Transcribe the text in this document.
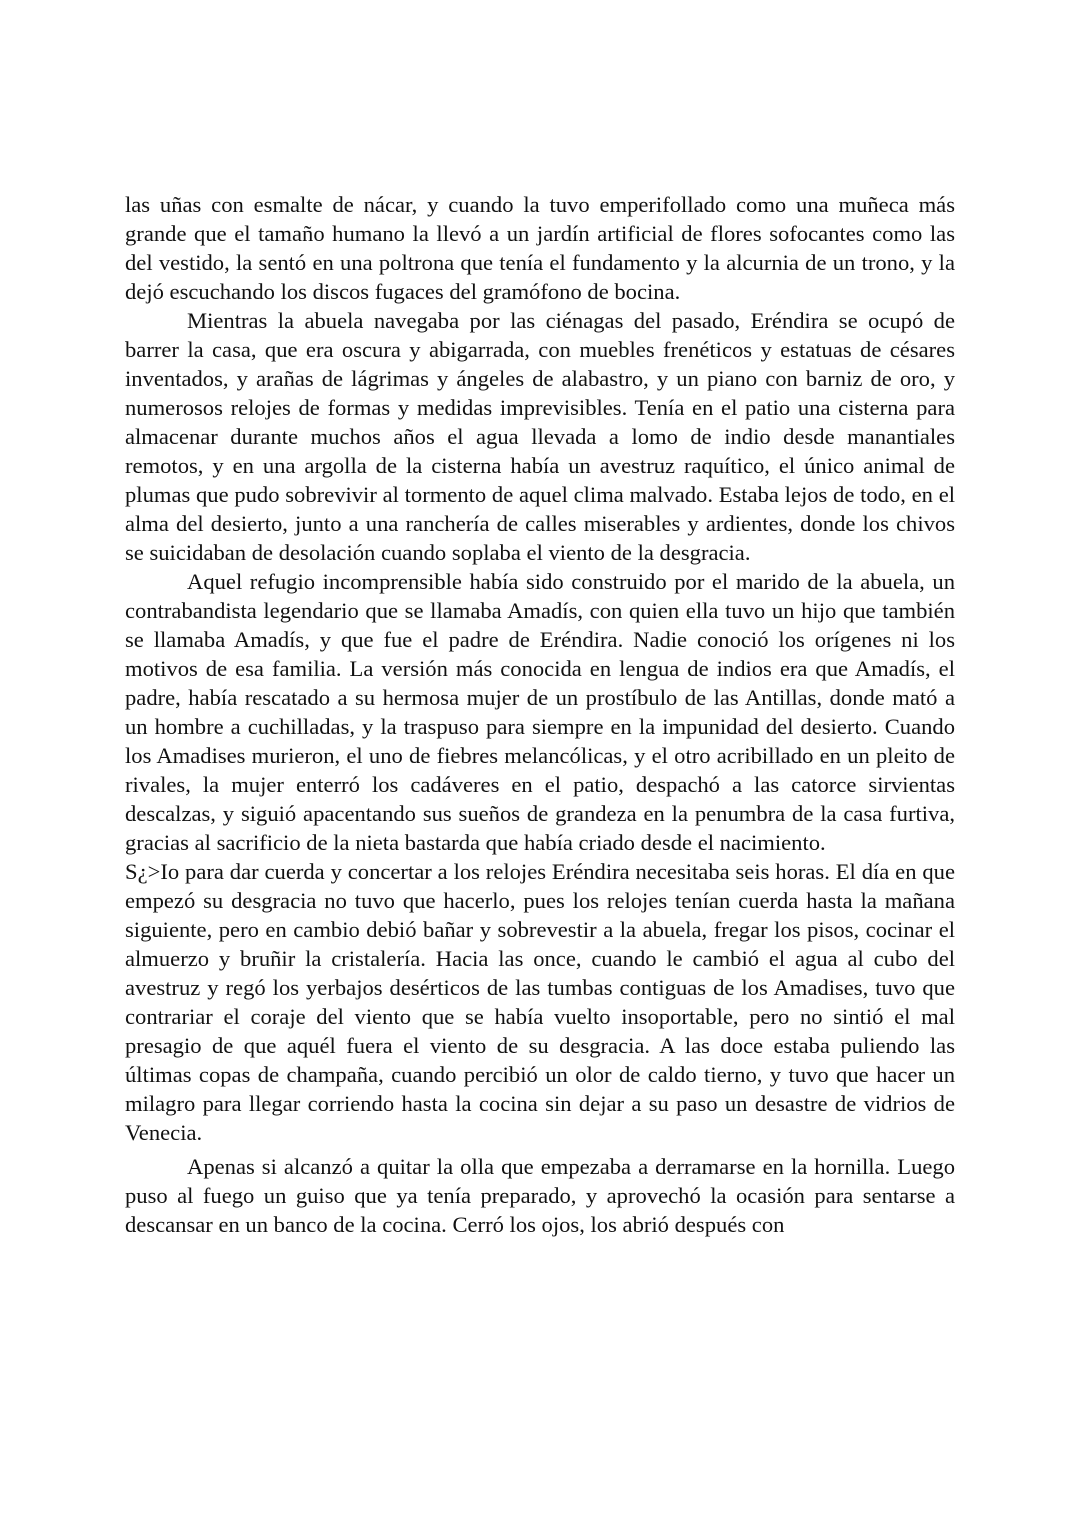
las uñas con esmalte de nácar, y cuando la tuvo emperifollado como una muñeca más grande que el tamaño humano la llevó a un jardín artificial de flores sofocantes como las del vestido, la sentó en una poltrona que tenía el fundamento y la alcurnia de un trono, y la dejó escuchando los discos fugaces del gramófono de bocina.

Mientras la abuela navegaba por las ciénagas del pasado, Eréndira se ocupó de barrer la casa, que era oscura y abigarrada, con muebles frenéticos y estatuas de césares inventados, y arañas de lágrimas y ángeles de alabastro, y un piano con barniz de oro, y numerosos relojes de formas y medidas imprevisibles. Tenía en el patio una cisterna para almacenar durante muchos años el agua llevada a lomo de indio desde manantiales remotos, y en una argolla de la cisterna había un avestruz raquítico, el único animal de plumas que pudo sobrevivir al tormento de aquel clima malvado. Estaba lejos de todo, en el alma del desierto, junto a una ranchería de calles miserables y ardientes, donde los chivos se suicidaban de desolación cuando soplaba el viento de la desgracia.

Aquel refugio incomprensible había sido construido por el marido de la abuela, un contrabandista legendario que se llamaba Amadís, con quien ella tuvo un hijo que también se llamaba Amadís, y que fue el padre de Eréndira. Nadie conoció los orígenes ni los motivos de esa familia. La versión más conocida en lengua de indios era que Amadís, el padre, había rescatado a su hermosa mujer de un prostíbulo de las Antillas, donde mató a un hombre a cuchilladas, y la traspuso para siempre en la impunidad del desierto. Cuando los Amadises murieron, el uno de fiebres melancólicas, y el otro acribillado en un pleito de rivales, la mujer enterró los cadáveres en el patio, despachó a las catorce sirvientas descalzas, y siguió apacentando sus sueños de grandeza en la penumbra de la casa furtiva, gracias al sacrificio de la nieta bastarda que había criado desde el nacimiento.

S¿>Io para dar cuerda y concertar a los relojes Eréndira necesitaba seis horas. El día en que empezó su desgracia no tuvo que hacerlo, pues los relojes tenían cuerda hasta la mañana siguiente, pero en cambio debió bañar y sobrevestir a la abuela, fregar los pisos, cocinar el almuerzo y bruñir la cristalería. Hacia las once, cuando le cambió el agua al cubo del avestruz y regó los yerbajos desérticos de las tumbas contiguas de los Amadises, tuvo que contrariar el coraje del viento que se había vuelto insoportable, pero no sintió el mal presagio de que aquél fuera el viento de su desgracia. A las doce estaba puliendo las últimas copas de champaña, cuando percibió un olor de caldo tierno, y tuvo que hacer un milagro para llegar corriendo hasta la cocina sin dejar a su paso un desastre de vidrios de Venecia.

Apenas si alcanzó a quitar la olla que empezaba a derramarse en la hornilla. Luego puso al fuego un guiso que ya tenía preparado, y aprovechó la ocasión para sentarse a descansar en un banco de la cocina. Cerró los ojos, los abrió después con
